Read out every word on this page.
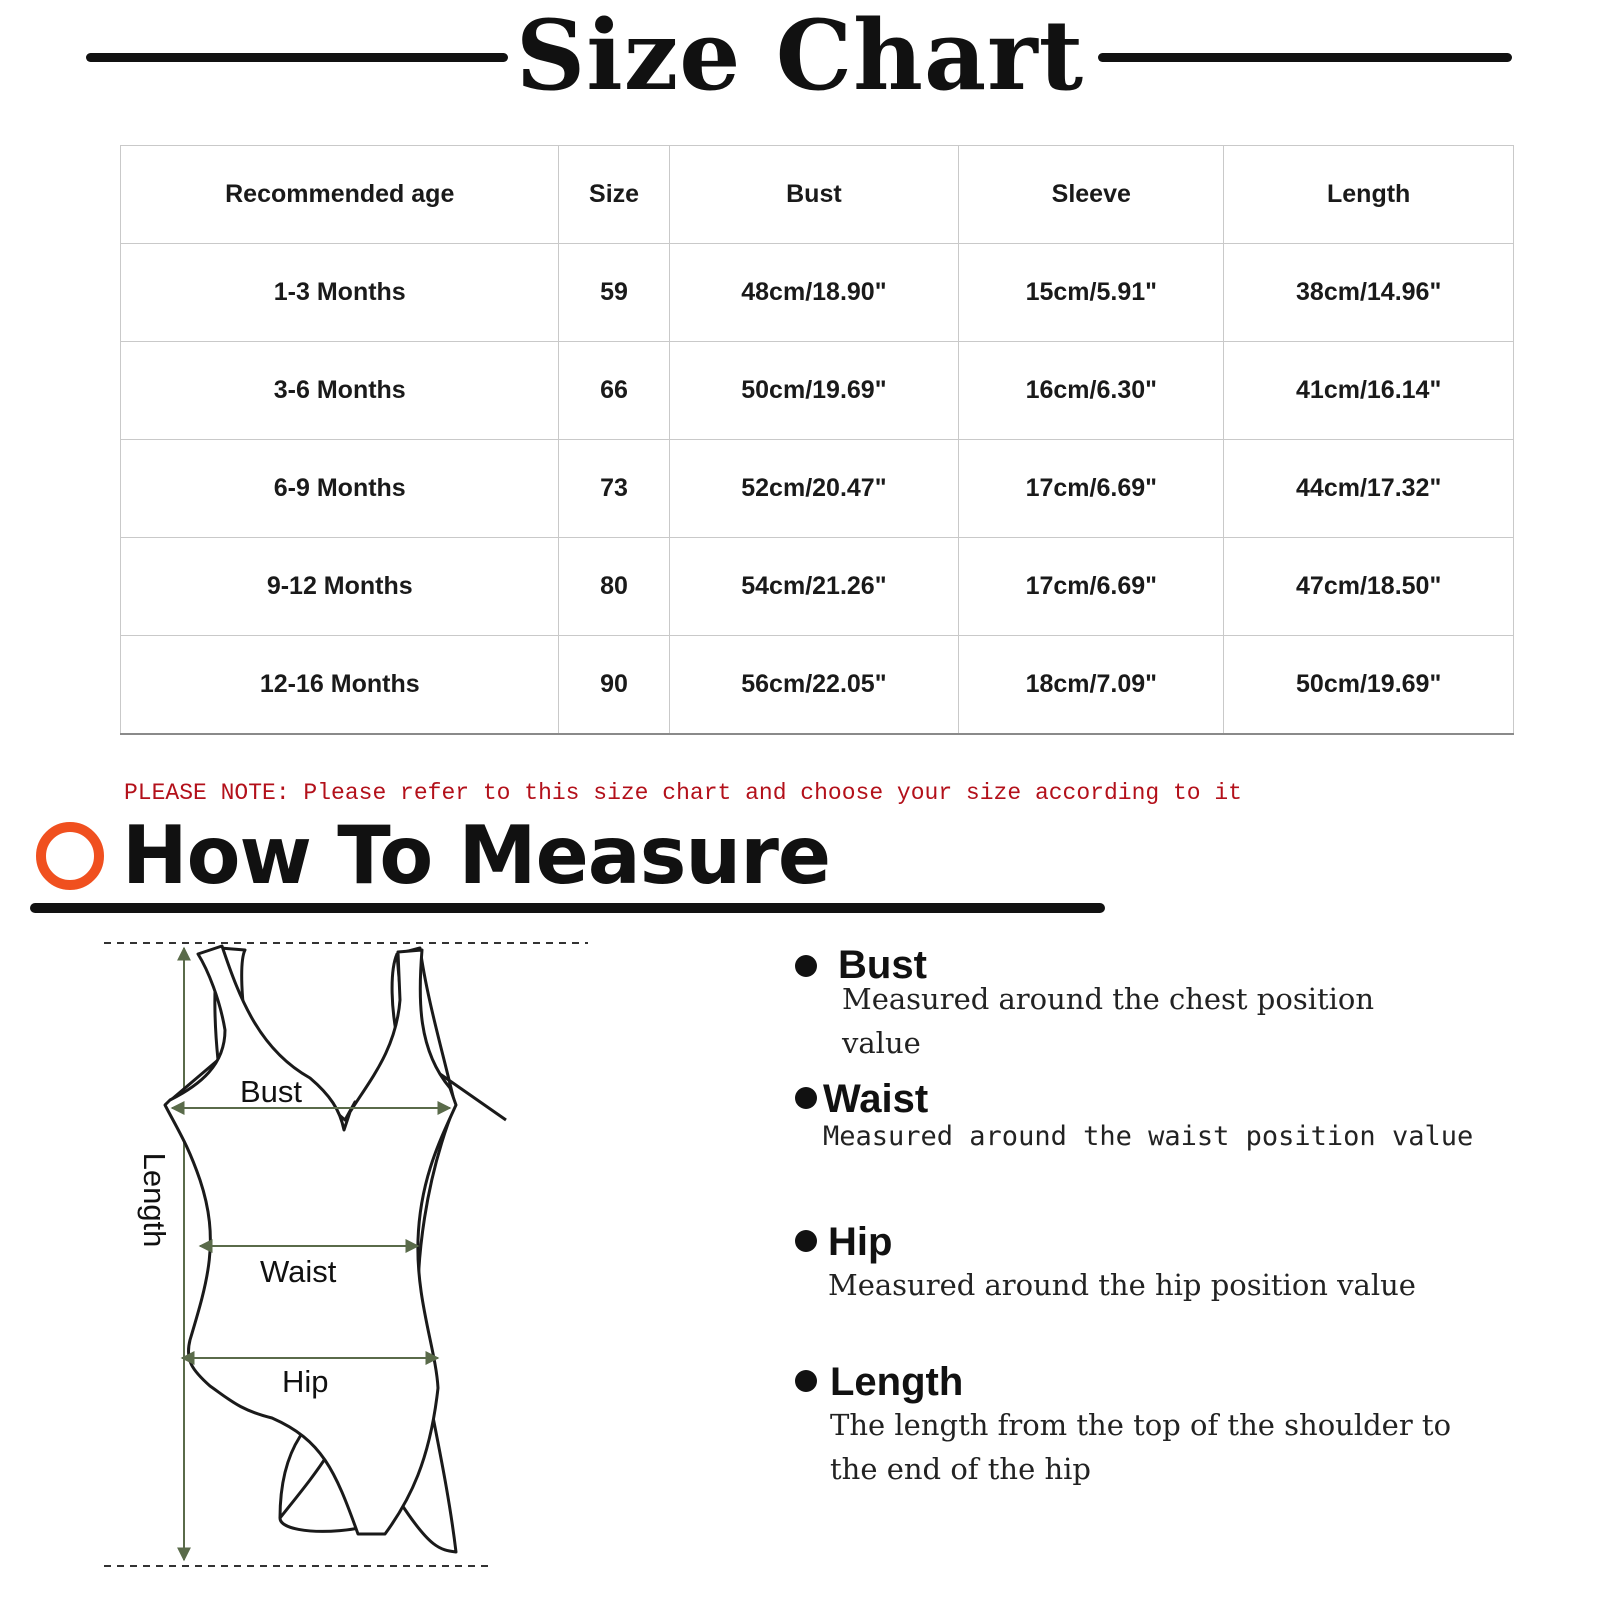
Size Chart
Recommended age	Size	Bust	Sleeve	Length
1-3 Months	59	48cm/18.90"	15cm/5.91"	38cm/14.96"
3-6 Months	66	50cm/19.69"	16cm/6.30"	41cm/16.14"
6-9 Months	73	52cm/20.47"	17cm/6.69"	44cm/17.32"
9-12 Months	80	54cm/21.26"	17cm/6.69"	47cm/18.50"
12-16 Months	90	56cm/22.05"	18cm/7.09"	50cm/19.69"

PLEASE NOTE: Please refer to this size chart and choose your size according to it

How To Measure
Length
Bust
Waist
Hip
Bust

Measured around the chest position value

Waist

Measured around the waist position value

Hip

Measured around the hip position value

Length

The length from the top of the shoulder to the end of the hip
